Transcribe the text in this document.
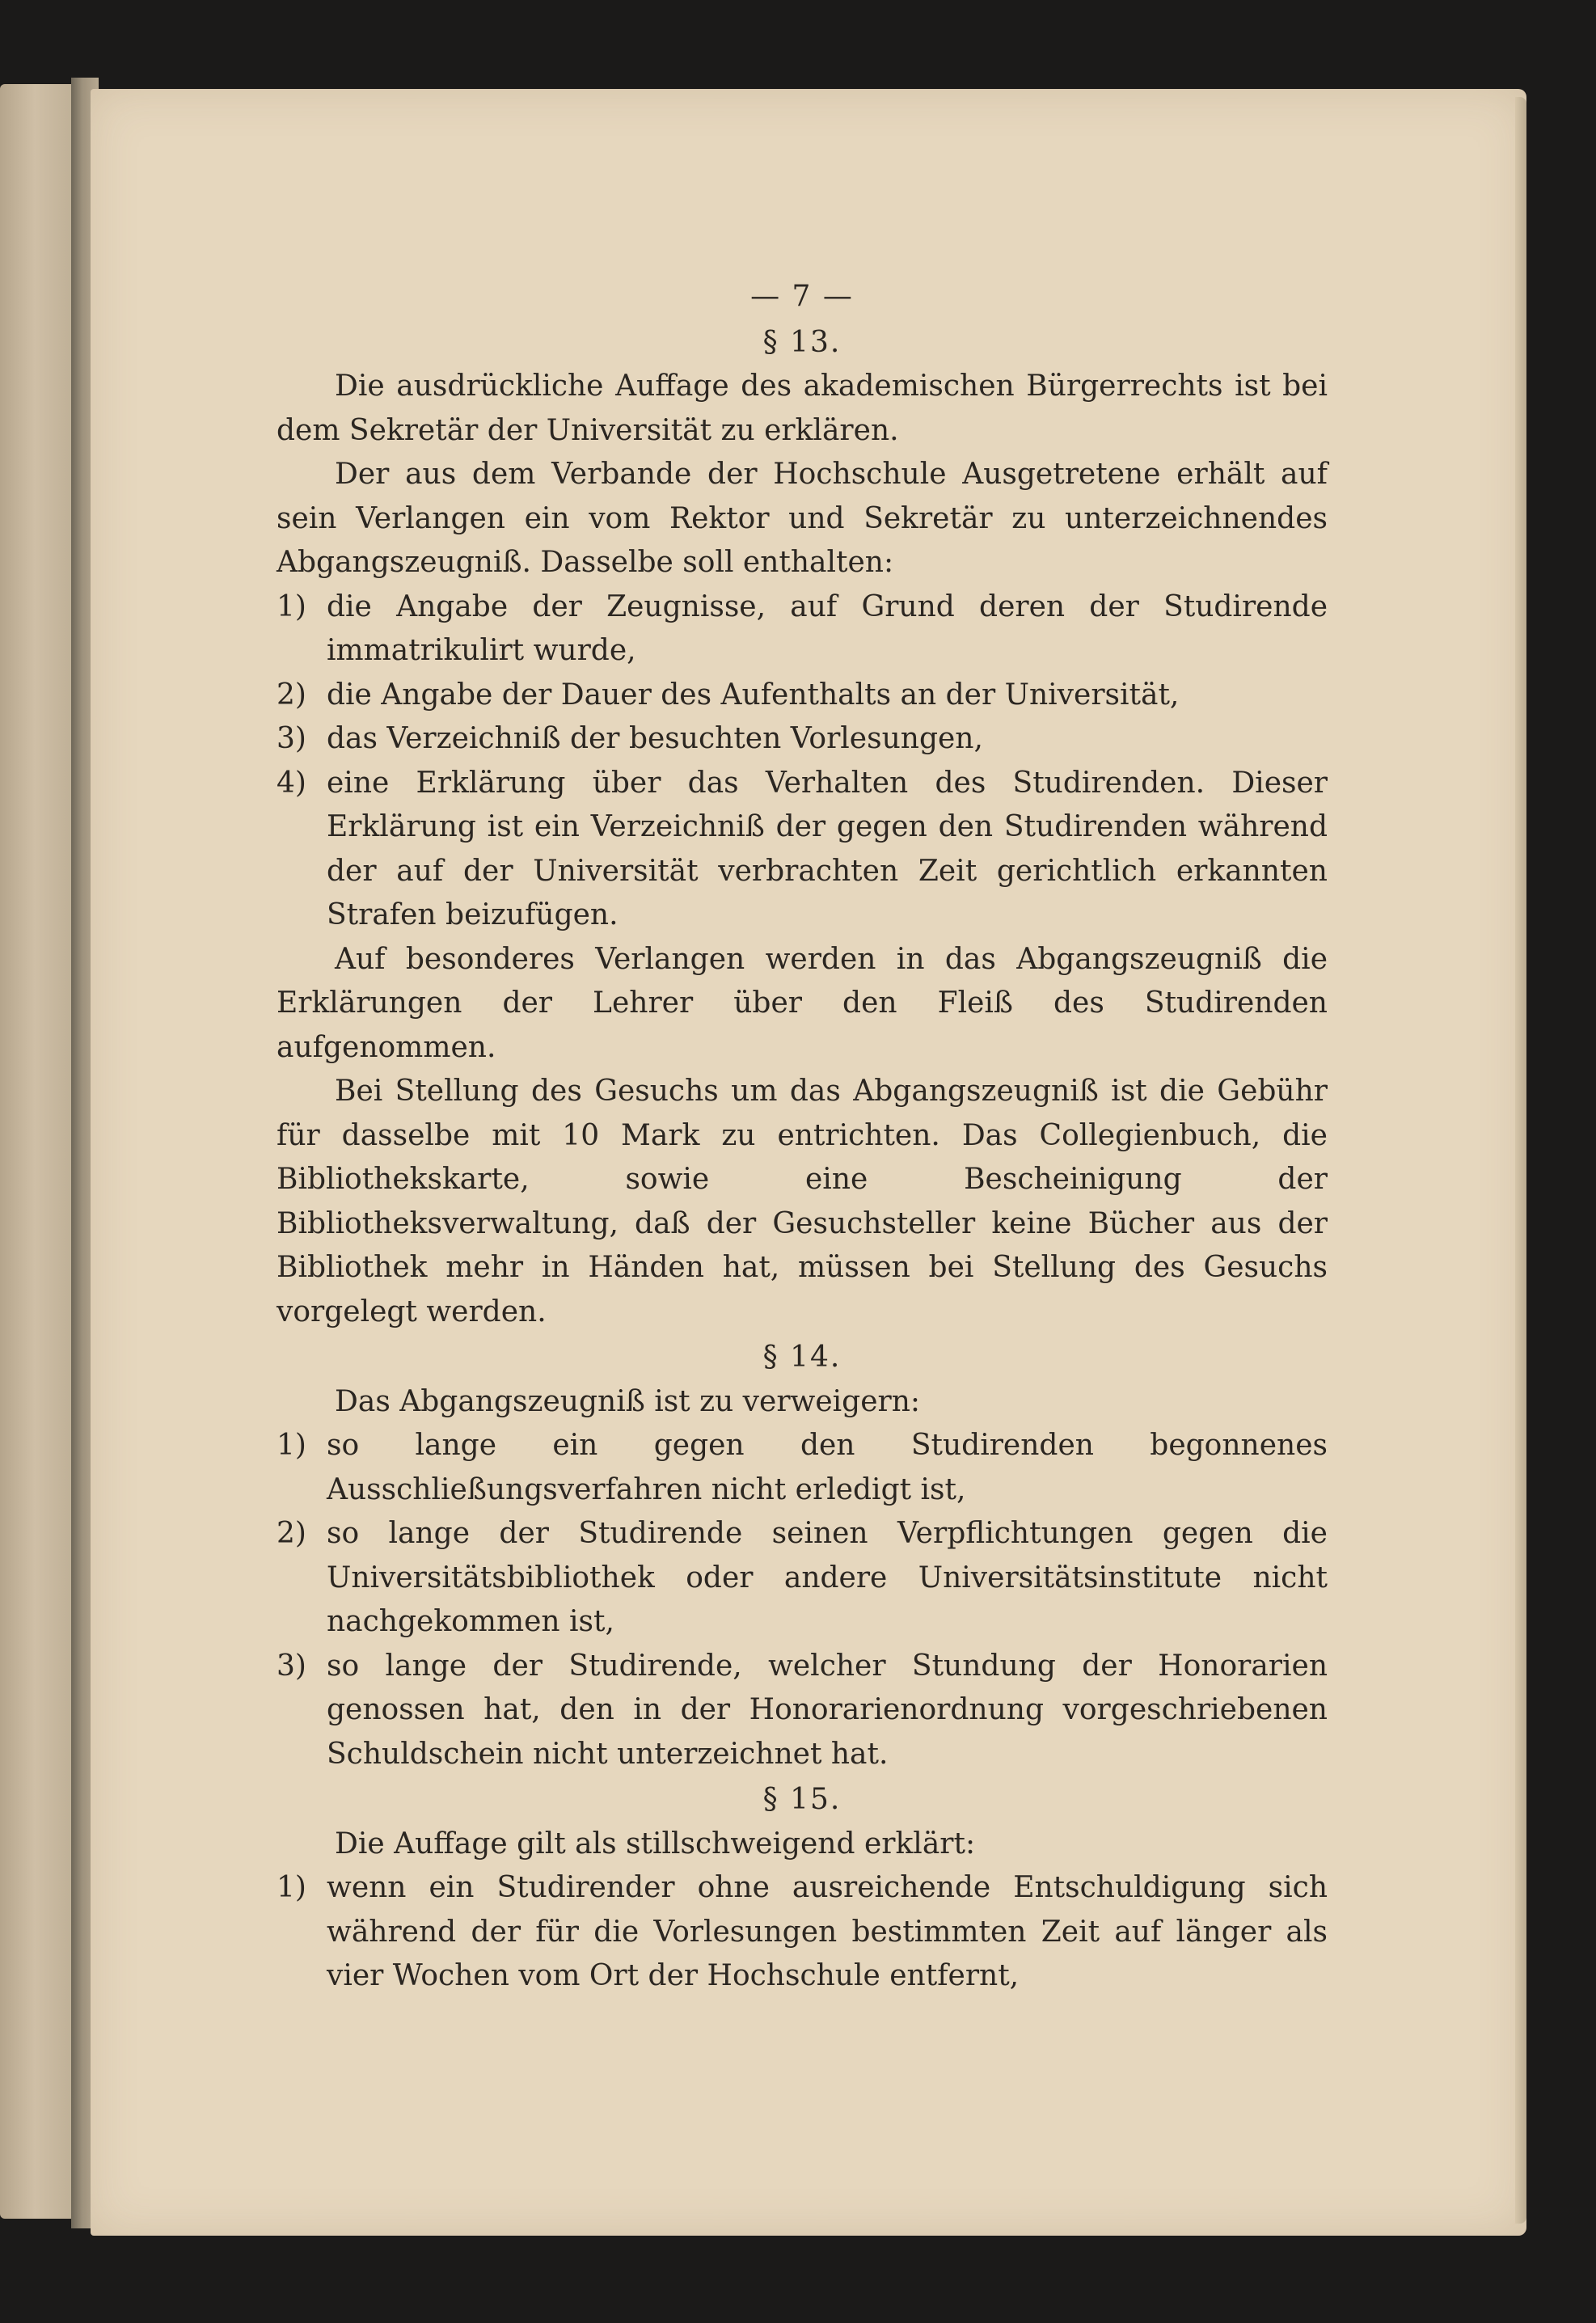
— 7 —
§ 13.

Die ausdrückliche Auffage des akademischen Bürgerrechts ist bei dem Sekretär der Universität zu erklären.

Der aus dem Verbande der Hochschule Ausgetretene erhält auf sein Verlangen ein vom Rektor und Sekretär zu unterzeichnendes Abgangszeugniß. Dasselbe soll enthalten:

1) die Angabe der Zeugnisse, auf Grund deren der Studirende immatrikulirt wurde,
2) die Angabe der Dauer des Aufenthalts an der Universität,
3) das Verzeichniß der besuchten Vorlesungen,
4) eine Erklärung über das Verhalten des Studirenden. Dieser Erklärung ist ein Verzeichniß der gegen den Studirenden während der auf der Universität verbrachten Zeit gerichtlich erkannten Strafen beizufügen.

Auf besonderes Verlangen werden in das Abgangszeugniß die Erklärungen der Lehrer über den Fleiß des Studirenden aufgenommen.

Bei Stellung des Gesuchs um das Abgangszeugniß ist die Gebühr für dasselbe mit 10 Mark zu entrichten. Das Collegienbuch, die Bibliothekskarte, sowie eine Bescheinigung der Bibliotheksverwaltung, daß der Gesuchsteller keine Bücher aus der Bibliothek mehr in Händen hat, müssen bei Stellung des Gesuchs vorgelegt werden.

§ 14.

Das Abgangszeugniß ist zu verweigern:

1) so lange ein gegen den Studirenden begonnenes Ausschließungsverfahren nicht erledigt ist,
2) so lange der Studirende seinen Verpflichtungen gegen die Universitätsbibliothek oder andere Universitätsinstitute nicht nachgekommen ist,
3) so lange der Studirende, welcher Stundung der Honorarien genossen hat, den in der Honorarienordnung vorgeschriebenen Schuldschein nicht unterzeichnet hat.
§ 15.

Die Auffage gilt als stillschweigend erklärt:

1) wenn ein Studirender ohne ausreichende Entschuldigung sich während der für die Vorlesungen bestimmten Zeit auf länger als vier Wochen vom Ort der Hochschule entfernt,
